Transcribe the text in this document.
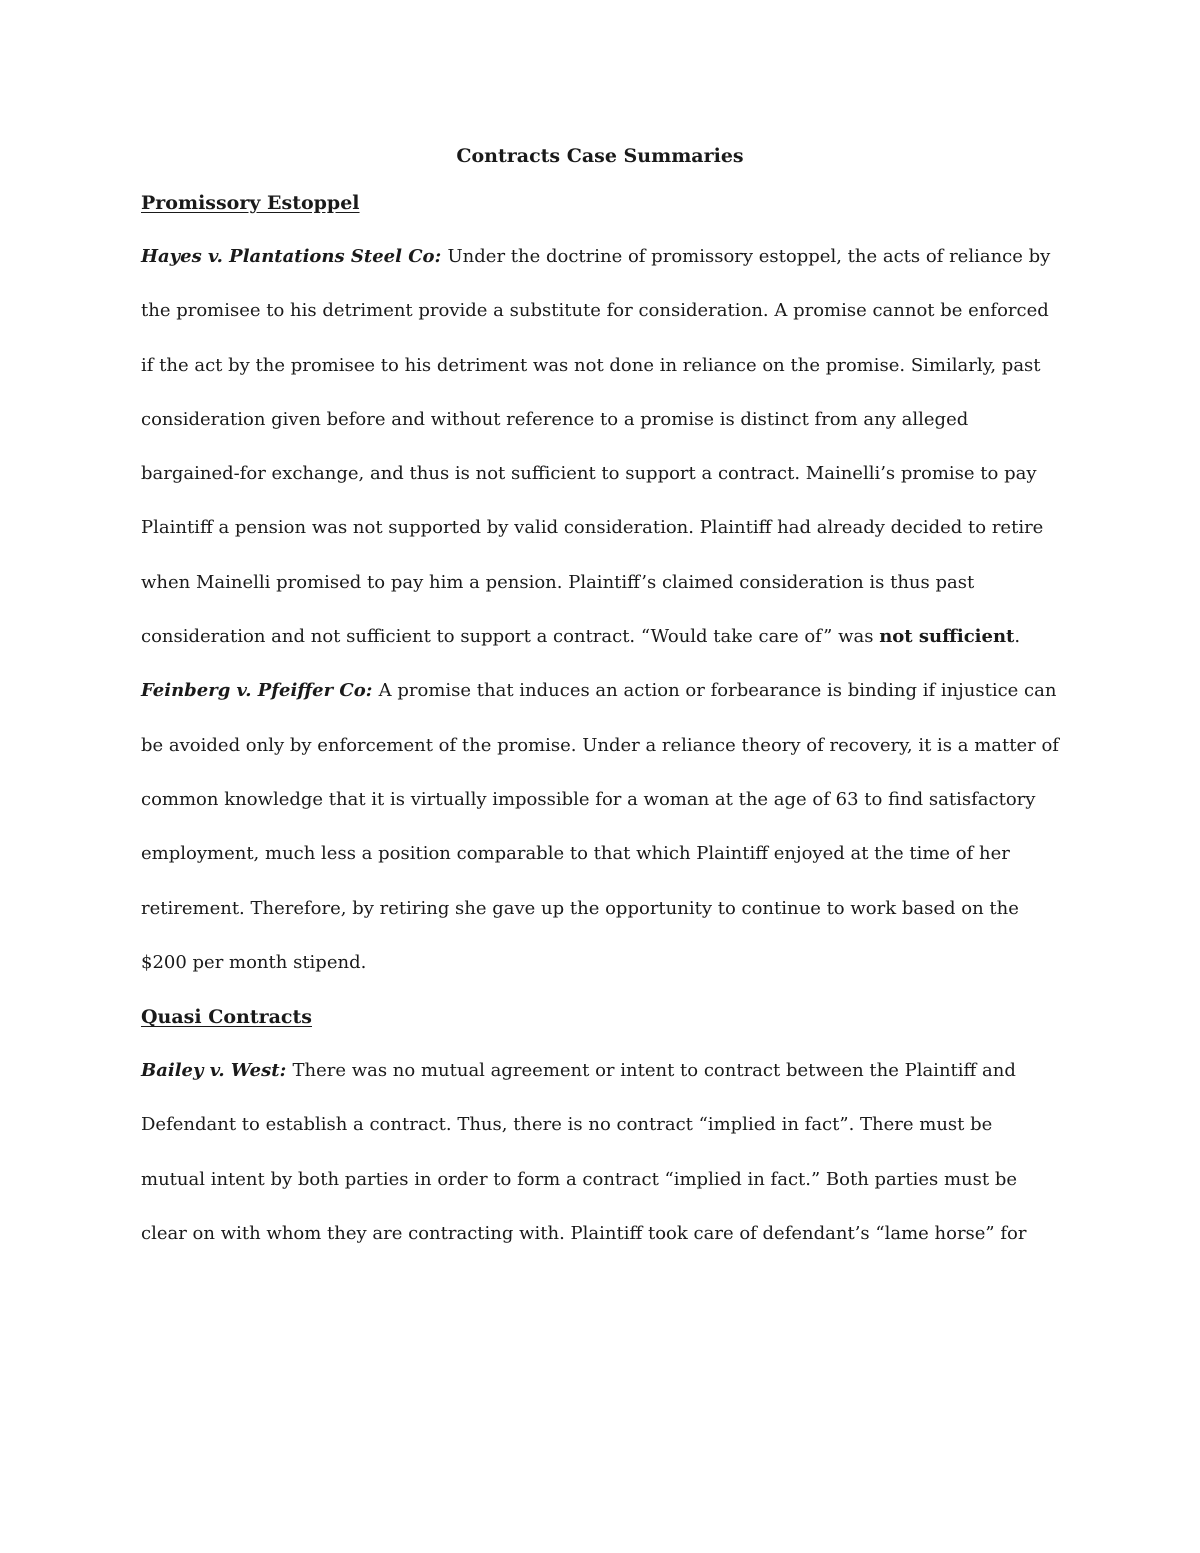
Contracts Case Summaries
Promissory Estoppel

Hayes v. Plantations Steel Co: Under the doctrine of promissory estoppel, the acts of reliance by the promisee to his detriment provide a substitute for consideration. A promise cannot be enforced if the act by the promisee to his detriment was not done in reliance on the promise. Similarly, past consideration given before and without reference to a promise is distinct from any alleged bargained-for exchange, and thus is not sufficient to support a contract. Mainelli’s promise to pay Plaintiff a pension was not supported by valid consideration. Plaintiff had already decided to retire when Mainelli promised to pay him a pension. Plaintiff’s claimed consideration is thus past consideration and not sufficient to support a contract. “Would take care of” was not sufficient.

Feinberg v. Pfeiffer Co: A promise that induces an action or forbearance is binding if injustice can be avoided only by enforcement of the promise. Under a reliance theory of recovery, it is a matter of common knowledge that it is virtually impossible for a woman at the age of 63 to find satisfactory employment, much less a position comparable to that which Plaintiff enjoyed at the time of her retirement. Therefore, by retiring she gave up the opportunity to continue to work based on the $200 per month stipend.

Quasi Contracts

Bailey v. West: There was no mutual agreement or intent to contract between the Plaintiff and Defendant to establish a contract. Thus, there is no contract “implied in fact”. There must be mutual intent by both parties in order to form a contract “implied in fact.” Both parties must be clear on with whom they are contracting with. Plaintiff took care of defendant’s “lame horse” for
